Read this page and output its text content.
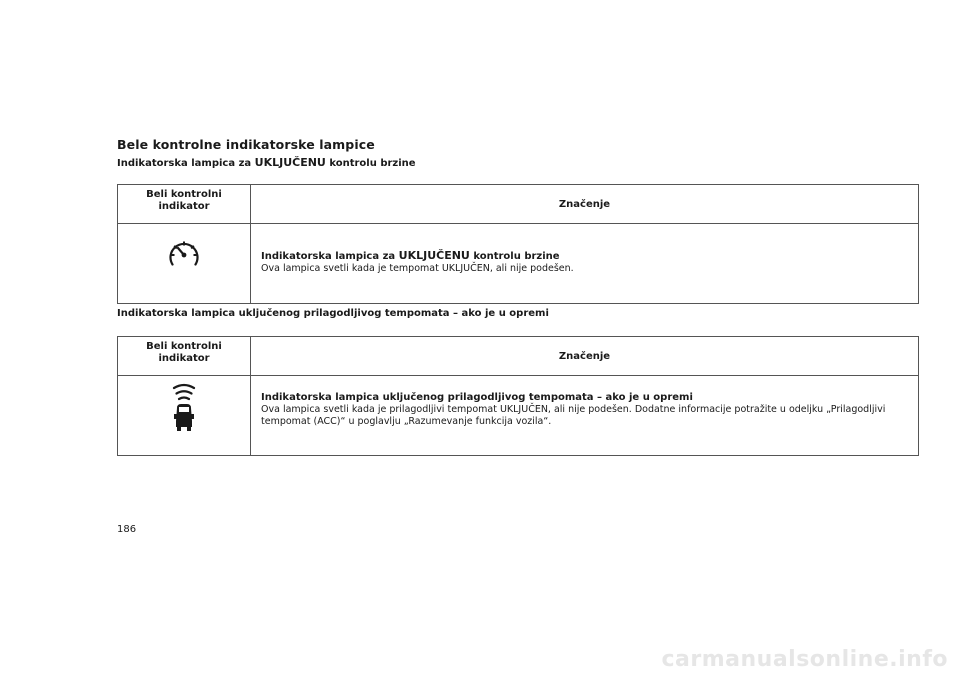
Bele kontrolne indikatorske lampice

Indikatorska lampica za UKLJUČENU kontrolu brzine

Beli kontrolni
indikator	Značenje

Indikatorska lampica za UKLJUČENU kontrolu brzine
Ova lampica svetli kada je tempomat UKLJUČEN, ali nije podešen.

Indikatorska lampica uključenog prilagodljivog tempomata – ako je u opremi

Beli kontrolni
indikator	Značenje

Indikatorska lampica uključenog prilagodljivog tempomata – ako je u opremi
Ova lampica svetli kada je prilagodljivi tempomat UKLJUČEN, ali nije podešen. Dodatne informacije potražite u odeljku „Prilagodljivi tempomat (ACC)“ u poglavlju „Razumevanje funkcija vozila“.
186
carmanualsonline.info
